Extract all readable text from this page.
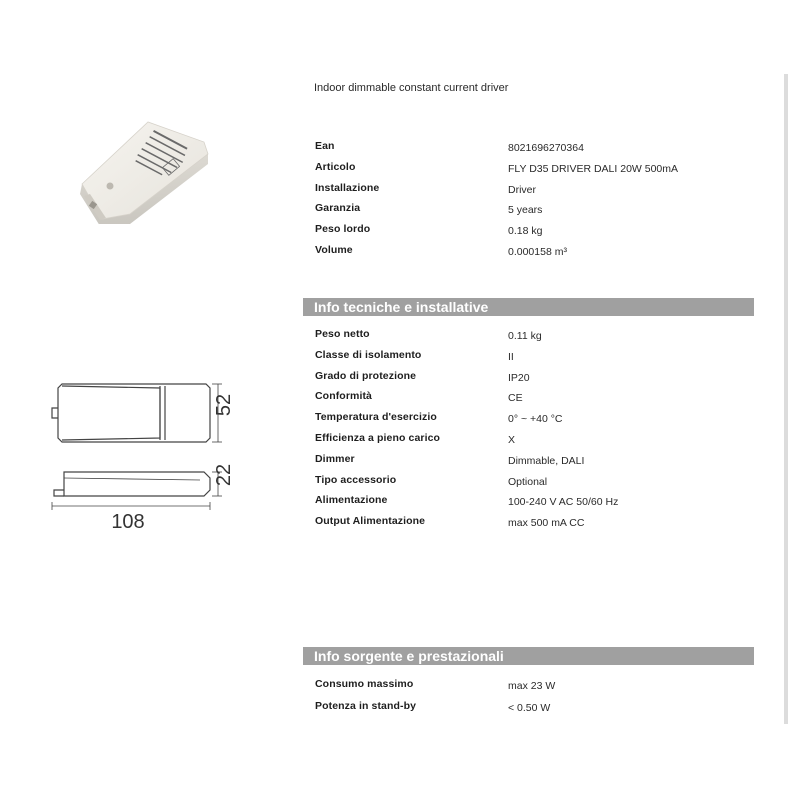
52
22
108
Indoor dimmable constant current driver
Ean	8021696270364
Articolo	FLY D35 DRIVER DALI 20W 500mA
Installazione	Driver
Garanzia	5 years
Peso lordo	0.18 kg
Volume	0.000158 m³
Info tecniche e installative
Peso netto	0.11 kg
Classe di isolamento	II
Grado di protezione	IP20
Conformità	CE
Temperatura d'esercizio	0° ~ +40 °C
Efficienza a pieno carico	X
Dimmer	Dimmable, DALI
Tipo accessorio	Optional
Alimentazione	100-240 V AC 50/60 Hz
Output Alimentazione	max 500 mA CC
Info sorgente e prestazionali
Consumo massimo	max 23 W
Potenza in stand-by	< 0.50 W
